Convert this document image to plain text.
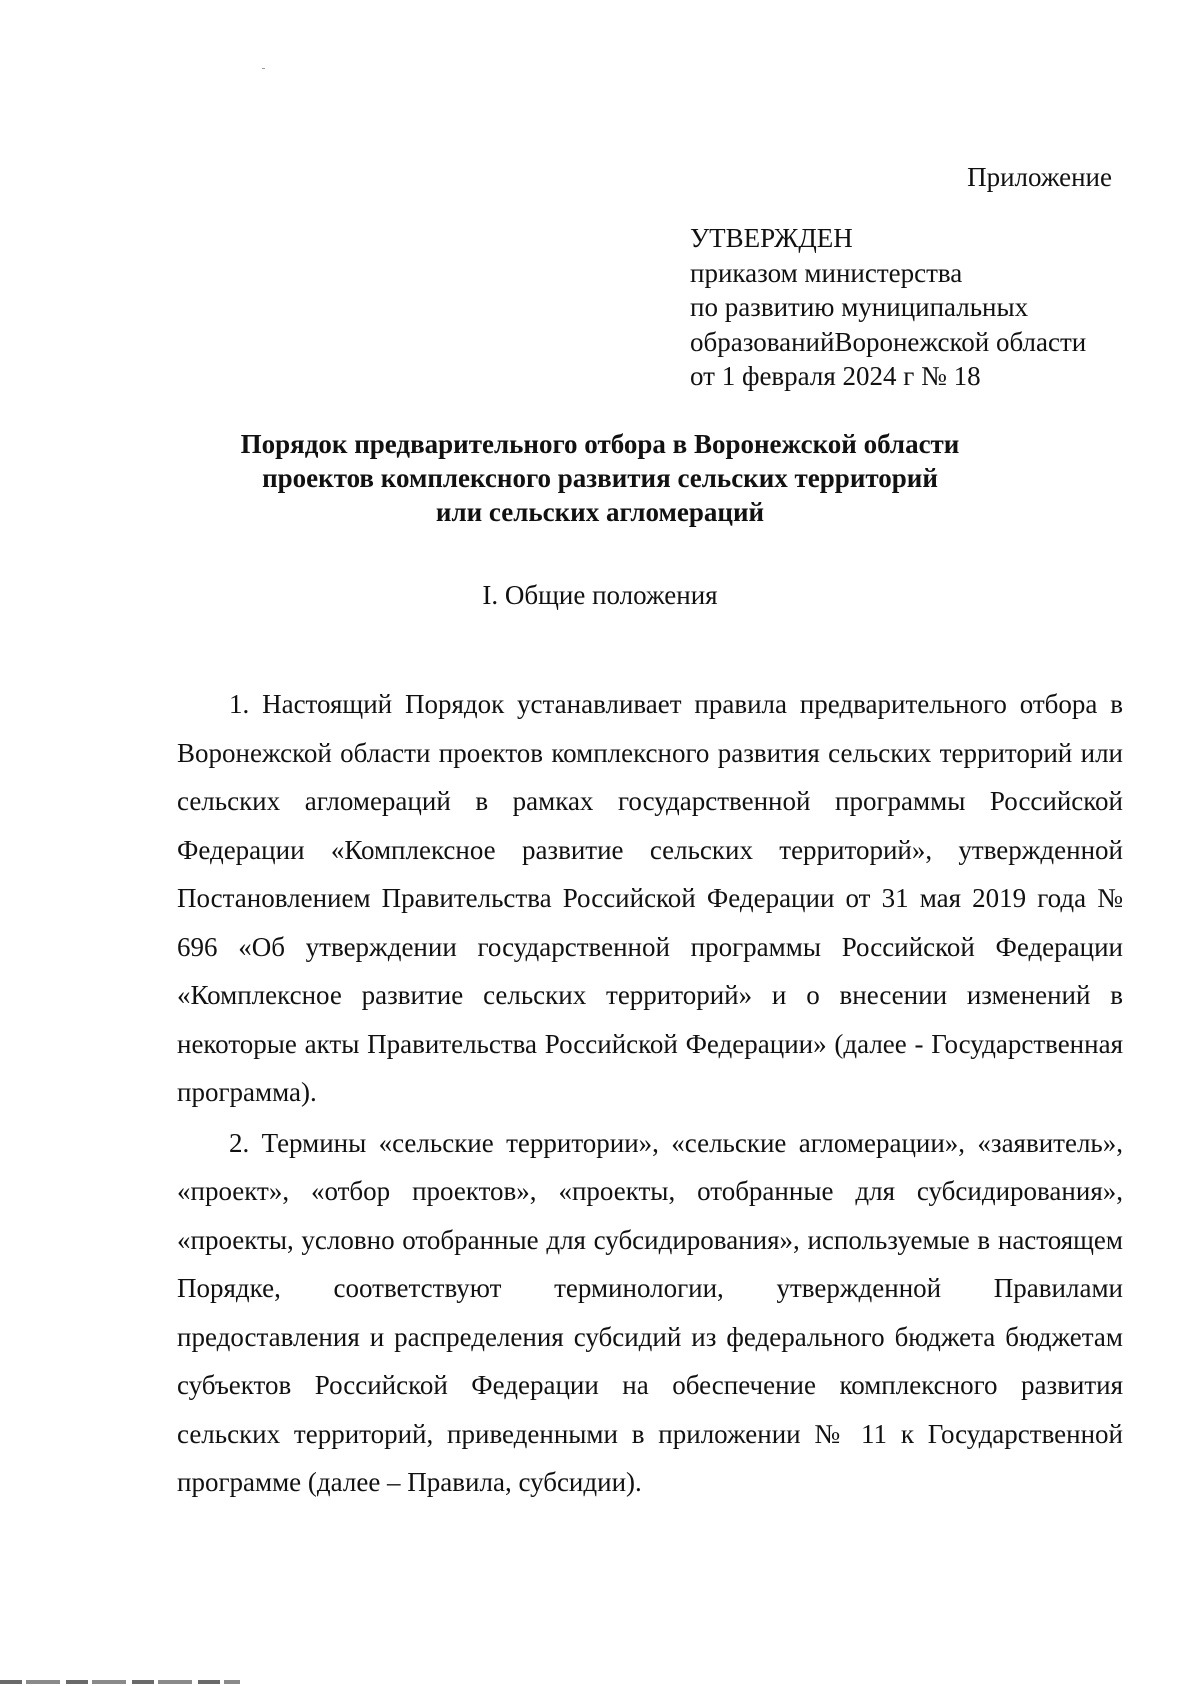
Приложение
УТВЕРЖДЕН
приказом министерства
по развитию муниципальных
образованийВоронежской области
от 1 февраля 2024 г № 18
Порядок предварительного отбора в Воронежской области
проектов комплексного развития сельских территорий
или сельских агломераций
I. Общие положения

1. Настоящий Порядок устанавливает правила предварительного отбора в Воронежской области проектов комплексного развития сельских территорий или сельских агломераций в рамках государственной программы Российской Федерации «Комплексное развитие сельских территорий», утвержденной Постановлением Правительства Российской Федерации от 31 мая 2019 года № 696 «Об утверждении государственной программы Российской Федерации «Комплексное развитие сельских территорий» и о внесении изменений в некоторые акты Правительства Российской Федерации» (далее - Государственная программа).

2. Термины «сельские территории», «сельские агломерации», «заявитель», «проект», «отбор проектов», «проекты, отобранные для субсидирования», «проекты, условно отобранные для субсидирования», используемые в настоящем Порядке, соответствуют терминологии, утвержденной Правилами предоставления и распределения субсидий из федерального бюджета бюджетам субъектов Российской Федерации на обеспечение комплексного развития сельских территорий, приведенными в приложении № 11 к Государственной программе (далее – Правила, субсидии).
